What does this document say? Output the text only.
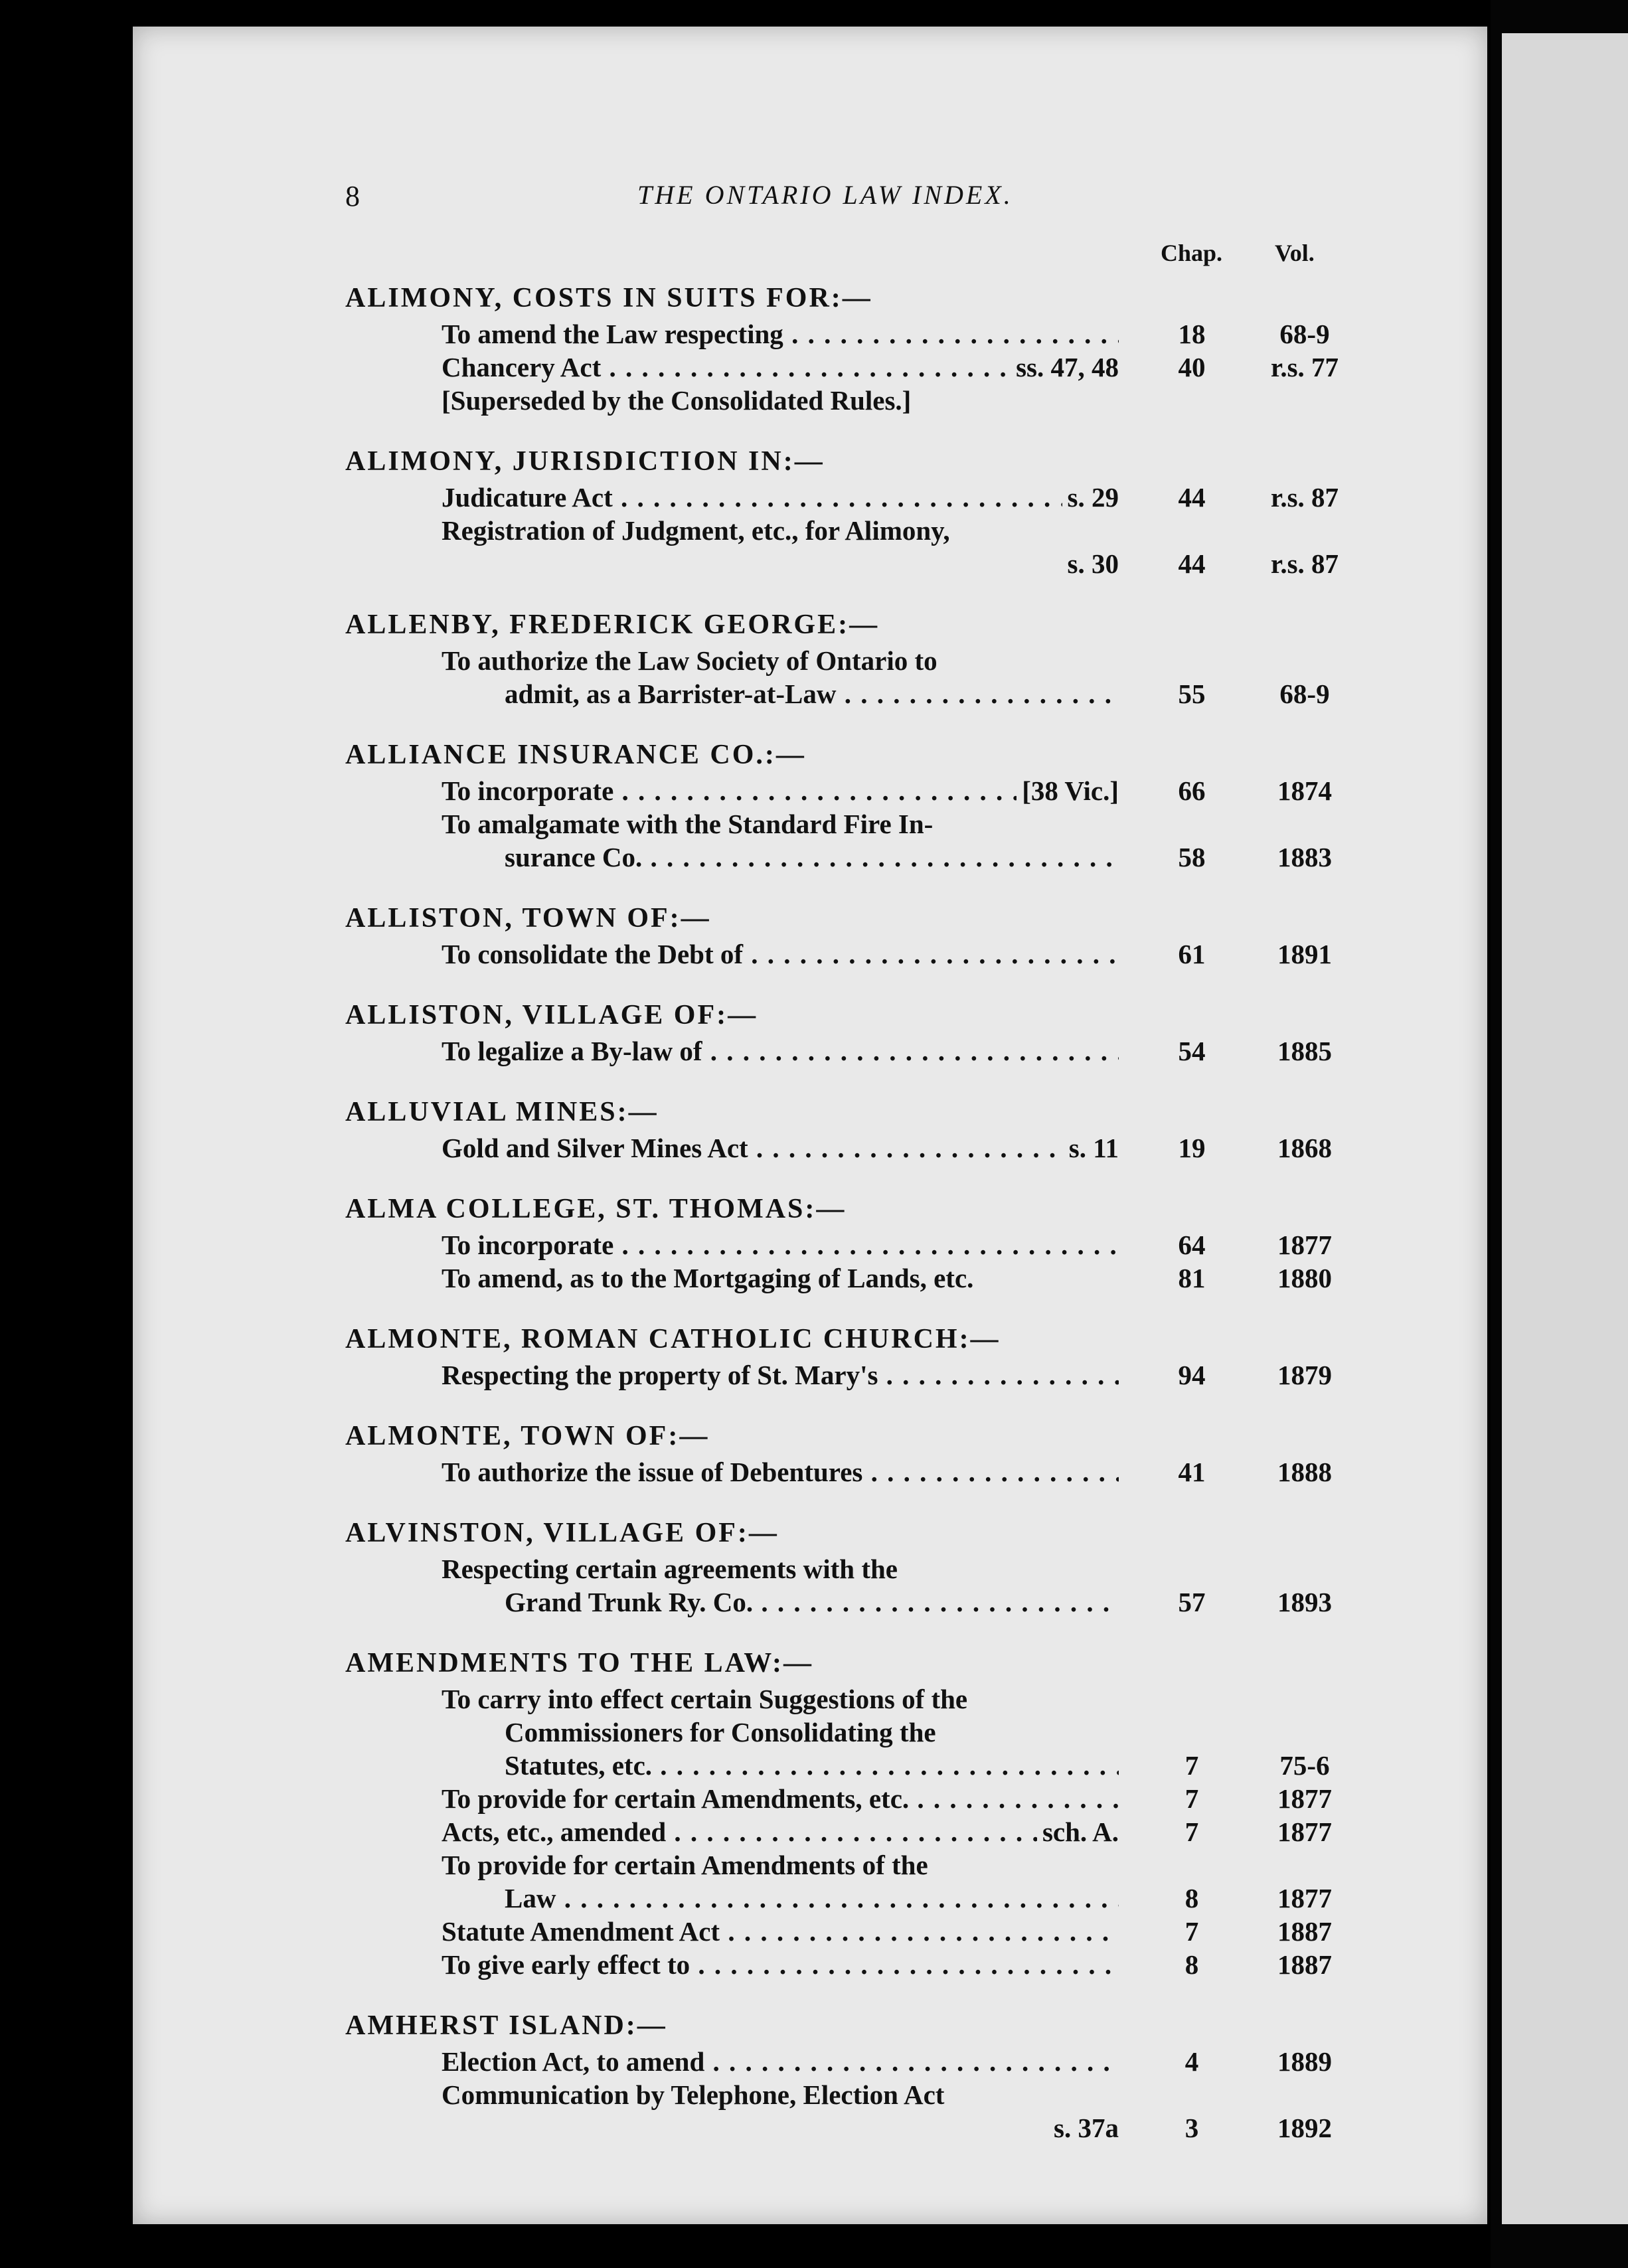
8	THE ONTARIO LAW INDEX.
Chap. Vol.
ALIMONY, COSTS IN SUITS FOR:—
To amend the Law respecting . . .	18	68-9
Chancery Act . . .	ss. 47, 48	40	r.s. 77
[Superseded by the Consolidated Rules.]
ALIMONY, JURISDICTION IN:—
Judicature Act . . .	s. 29	44	r.s. 87
Registration of Judgment, etc., for Alimony,
s. 30	44	r.s. 87
ALLENBY, FREDERICK GEORGE:—
To authorize the Law Society of Ontario to
admit, as a Barrister-at-Law . . .	55	68-9
ALLIANCE INSURANCE CO.:—
To incorporate . . .	[38 Vic.]	66	1874
To amalgamate with the Standard Fire In-
surance Co. . . .	58	1883
ALLISTON, TOWN OF:—
To consolidate the Debt of . . .	61	1891
ALLISTON, VILLAGE OF:—
To legalize a By-law of . . .	54	1885
ALLUVIAL MINES:—
Gold and Silver Mines Act . . .	s. 11	19	1868
ALMA COLLEGE, ST. THOMAS:—
To incorporate . . .	64	1877
To amend, as to the Mortgaging of Lands, etc.	81	1880
ALMONTE, ROMAN CATHOLIC CHURCH:—
Respecting the property of St. Mary's . . .	94	1879
ALMONTE, TOWN OF:—
To authorize the issue of Debentures . . .	41	1888
ALVINSTON, VILLAGE OF:—
Respecting certain agreements with the
Grand Trunk Ry. Co. . . .	57	1893
AMENDMENTS TO THE LAW:—
To carry into effect certain Suggestions of the
Commissioners for Consolidating the
Statutes, etc. . . .	7	75-6
To provide for certain Amendments, etc. . . .	7	1877
Acts, etc., amended . . .	sch. A.	7	1877
To provide for certain Amendments of the
Law . . .	8	1877
Statute Amendment Act . . .	7	1887
To give early effect to . . .	8	1887
AMHERST ISLAND:—
Election Act, to amend . . .	4	1889
Communication by Telephone, Election Act
s. 37a	3	1892
